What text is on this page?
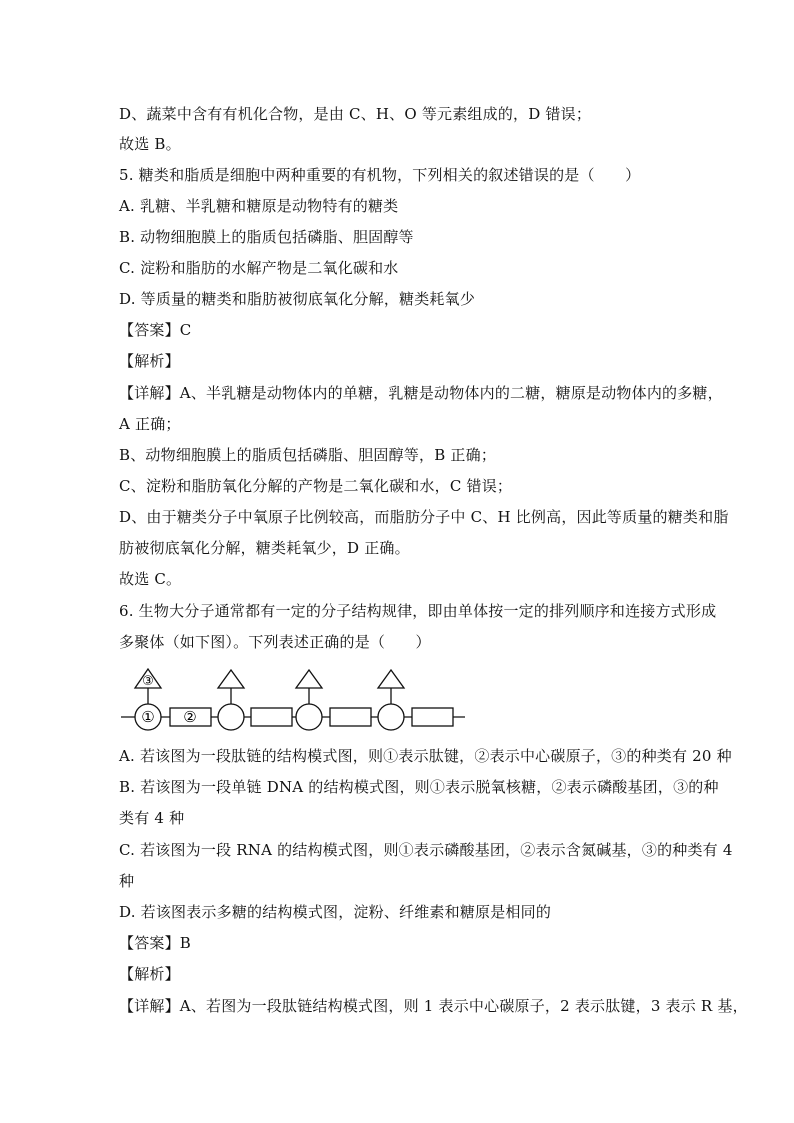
D、蔬菜中含有有机化合物，是由 C、H、O 等元素组成的，D 错误；
故选 B。
5. 糖类和脂质是细胞中两种重要的有机物，下列相关的叙述错误的是（　　）
A. 乳糖、半乳糖和糖原是动物特有的糖类
B. 动物细胞膜上的脂质包括磷脂、胆固醇等
C. 淀粉和脂肪的水解产物是二氧化碳和水
D. 等质量的糖类和脂肪被彻底氧化分解，糖类耗氧少
【答案】C
【解析】
【详解】A、半乳糖是动物体内的单糖，乳糖是动物体内的二糖，糖原是动物体内的多糖，
A 正确；
B、动物细胞膜上的脂质包括磷脂、胆固醇等，B 正确；
C、淀粉和脂肪氧化分解的产物是二氧化碳和水，C 错误；
D、由于糖类分子中氧原子比例较高，而脂肪分子中 C、H 比例高，因此等质量的糖类和脂
肪被彻底氧化分解，糖类耗氧少，D 正确。
故选 C。
6. 生物大分子通常都有一定的分子结构规律，即由单体按一定的排列顺序和连接方式形成
多聚体（如下图）。下列表述正确的是（　　）
③
① ②
A. 若该图为一段肽链的结构模式图，则①表示肽键，②表示中心碳原子，③的种类有 20 种
B. 若该图为一段单链 DNA 的结构模式图，则①表示脱氧核糖，②表示磷酸基团，③的种
类有 4 种
C. 若该图为一段 RNA 的结构模式图，则①表示磷酸基团，②表示含氮碱基，③的种类有 4
种
D. 若该图表示多糖的结构模式图，淀粉、纤维素和糖原是相同的
【答案】B
【解析】
【详解】A、若图为一段肽链结构模式图，则 1 表示中心碳原子，2 表示肽键，3 表示 R 基，
